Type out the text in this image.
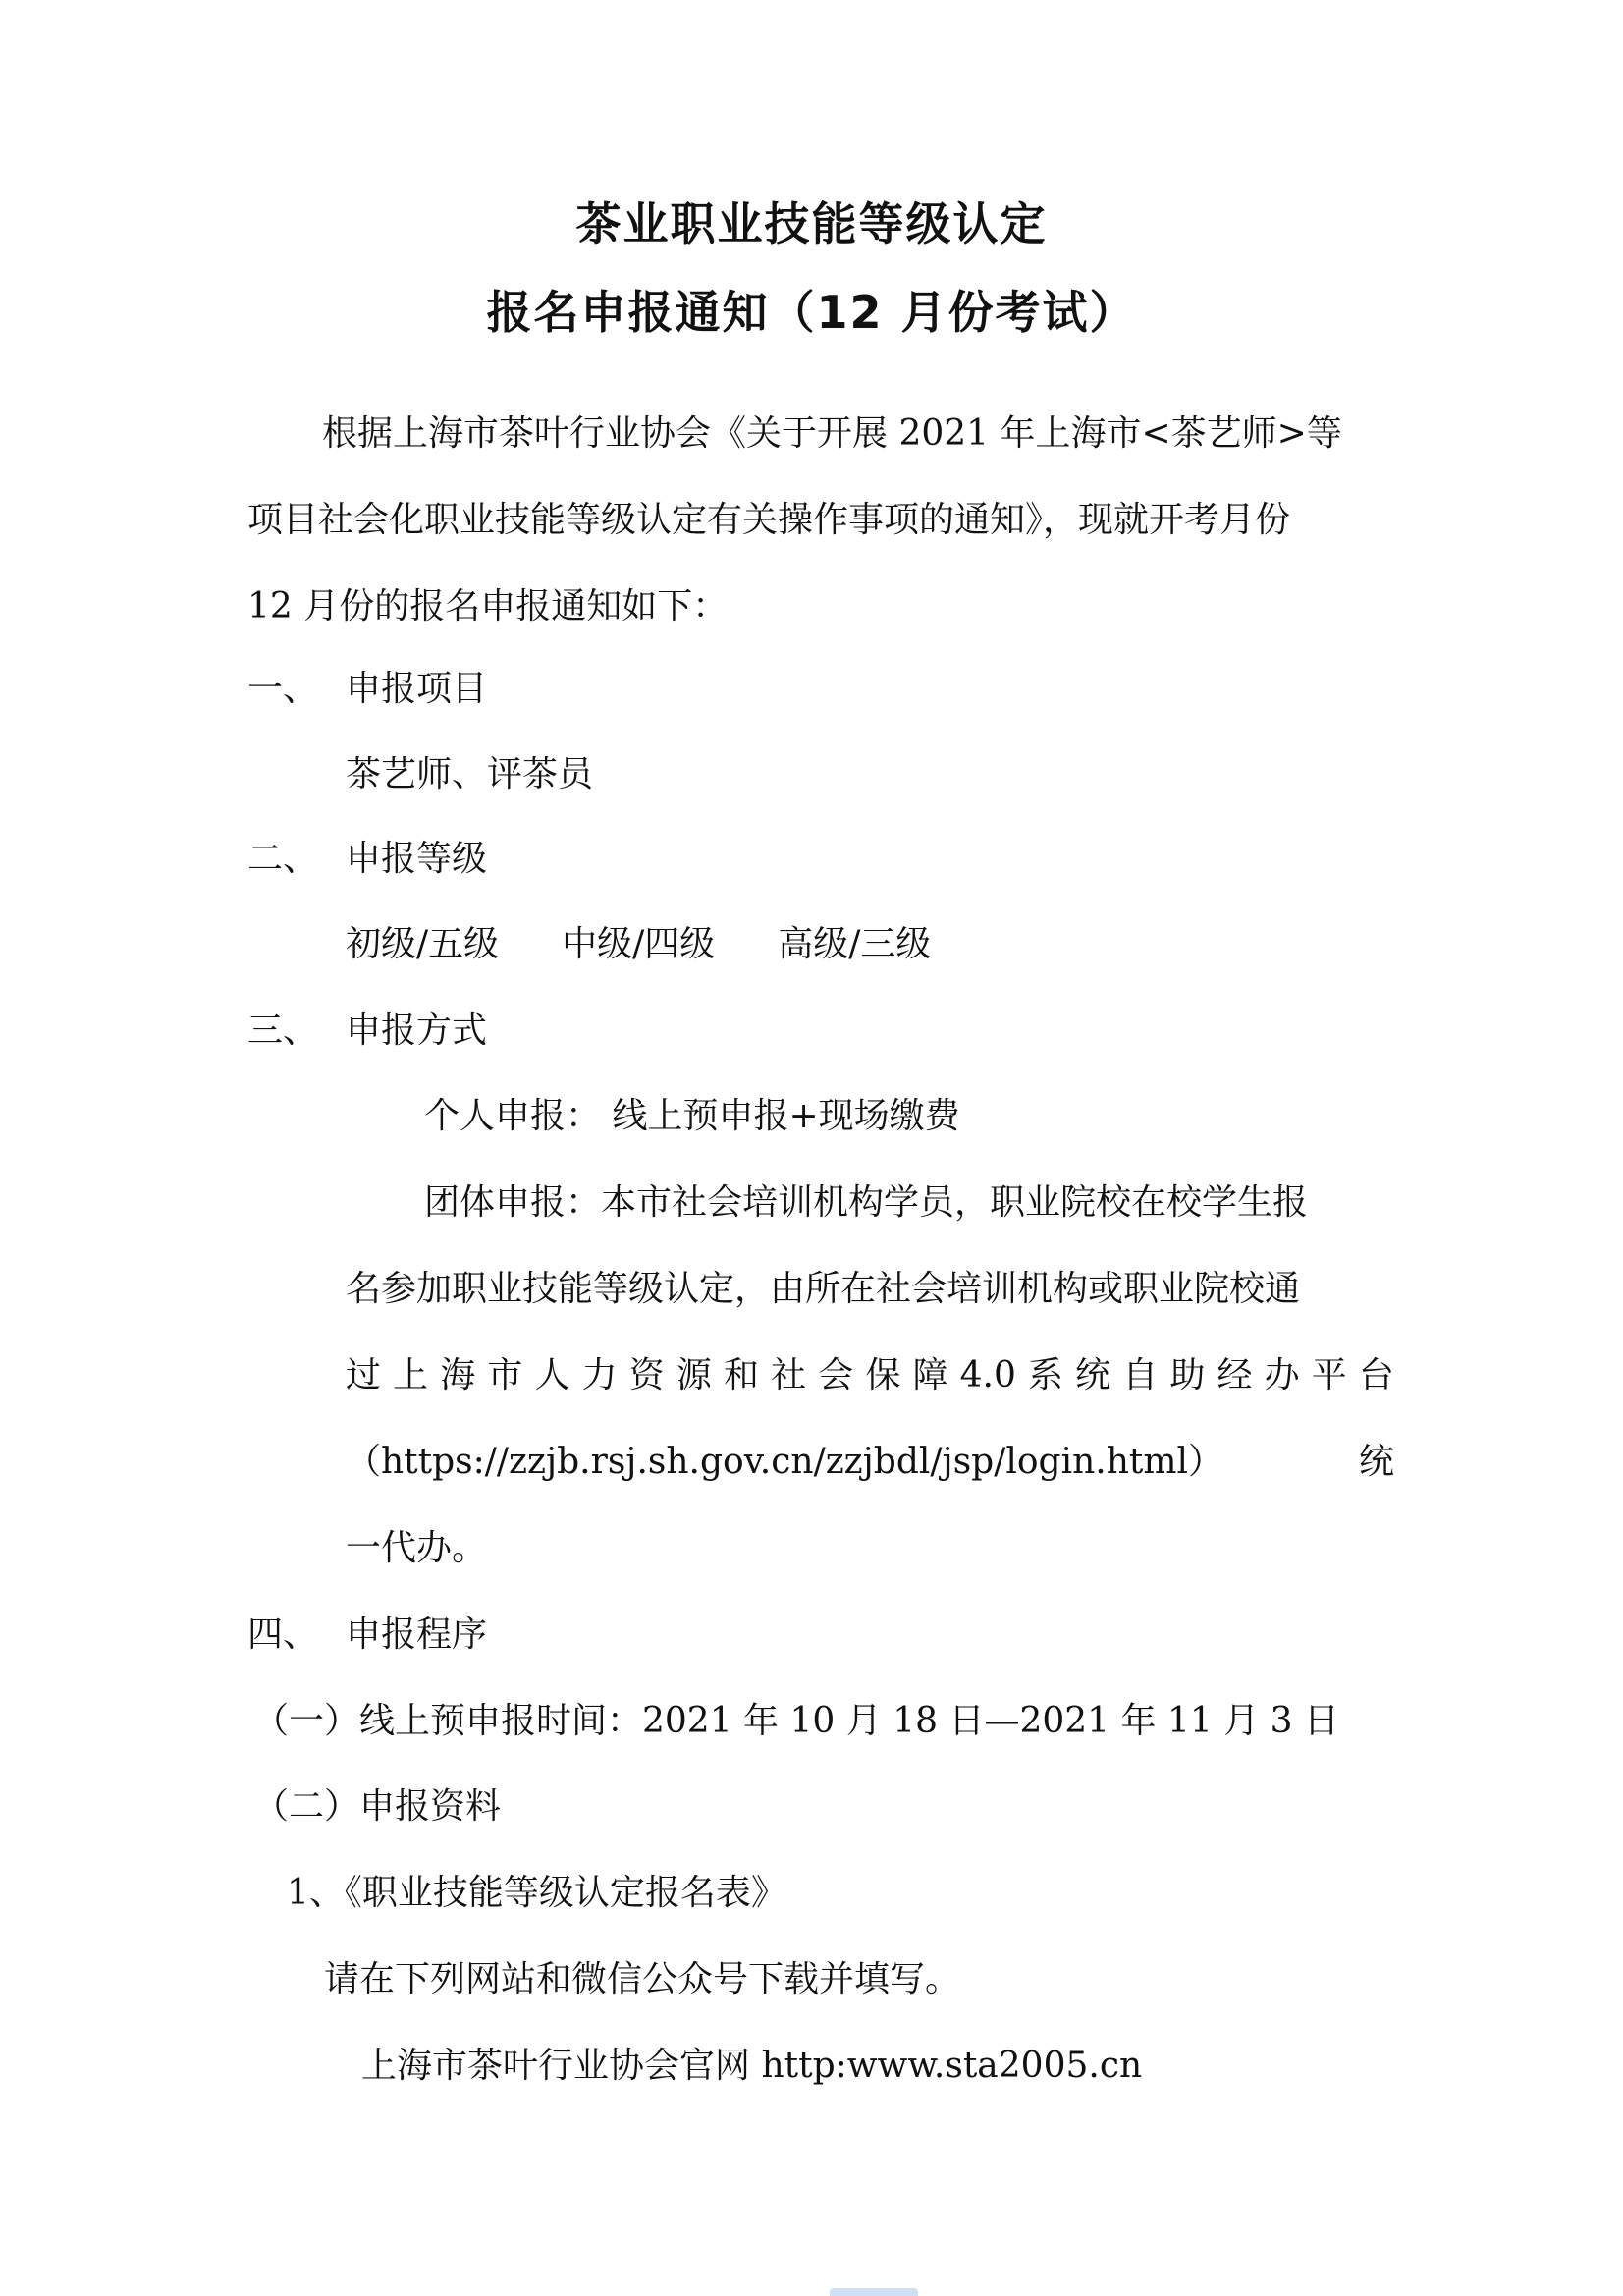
茶业职业技能等级认定
报名申报通知（12 月份考试）
根据上海市茶叶行业协会《关于开展 2021 年上海市<茶艺师>等
项目社会化职业技能等级认定有关操作事项的通知》，现就开考月份
12 月份的报名申报通知如下：
一、 申报项目
茶艺师、评茶员
二、 申报等级
初级/五级 中级/四级 高级/三级
三、 申报方式
个人申报： 线上预申报+现场缴费
团体申报：本市社会培训机构学员，职业院校在校学生报
名参加职业技能等级认定，由所在社会培训机构或职业院校通
过 上 海 市 人 力 资 源 和 社 会 保 障 4.0 系 统 自 助 经 办 平 台
（https://zzjb.rsj.sh.gov.cn/zzjbdl/jsp/login.html）	统
一代办。
四、 申报程序
（一）线上预申报时间：2021 年 10 月 18 日—2021 年 11 月 3 日
（二）申报资料
1、《职业技能等级认定报名表》
请在下列网站和微信公众号下载并填写。
上海市茶叶行业协会官网 http:www.sta2005.cn
